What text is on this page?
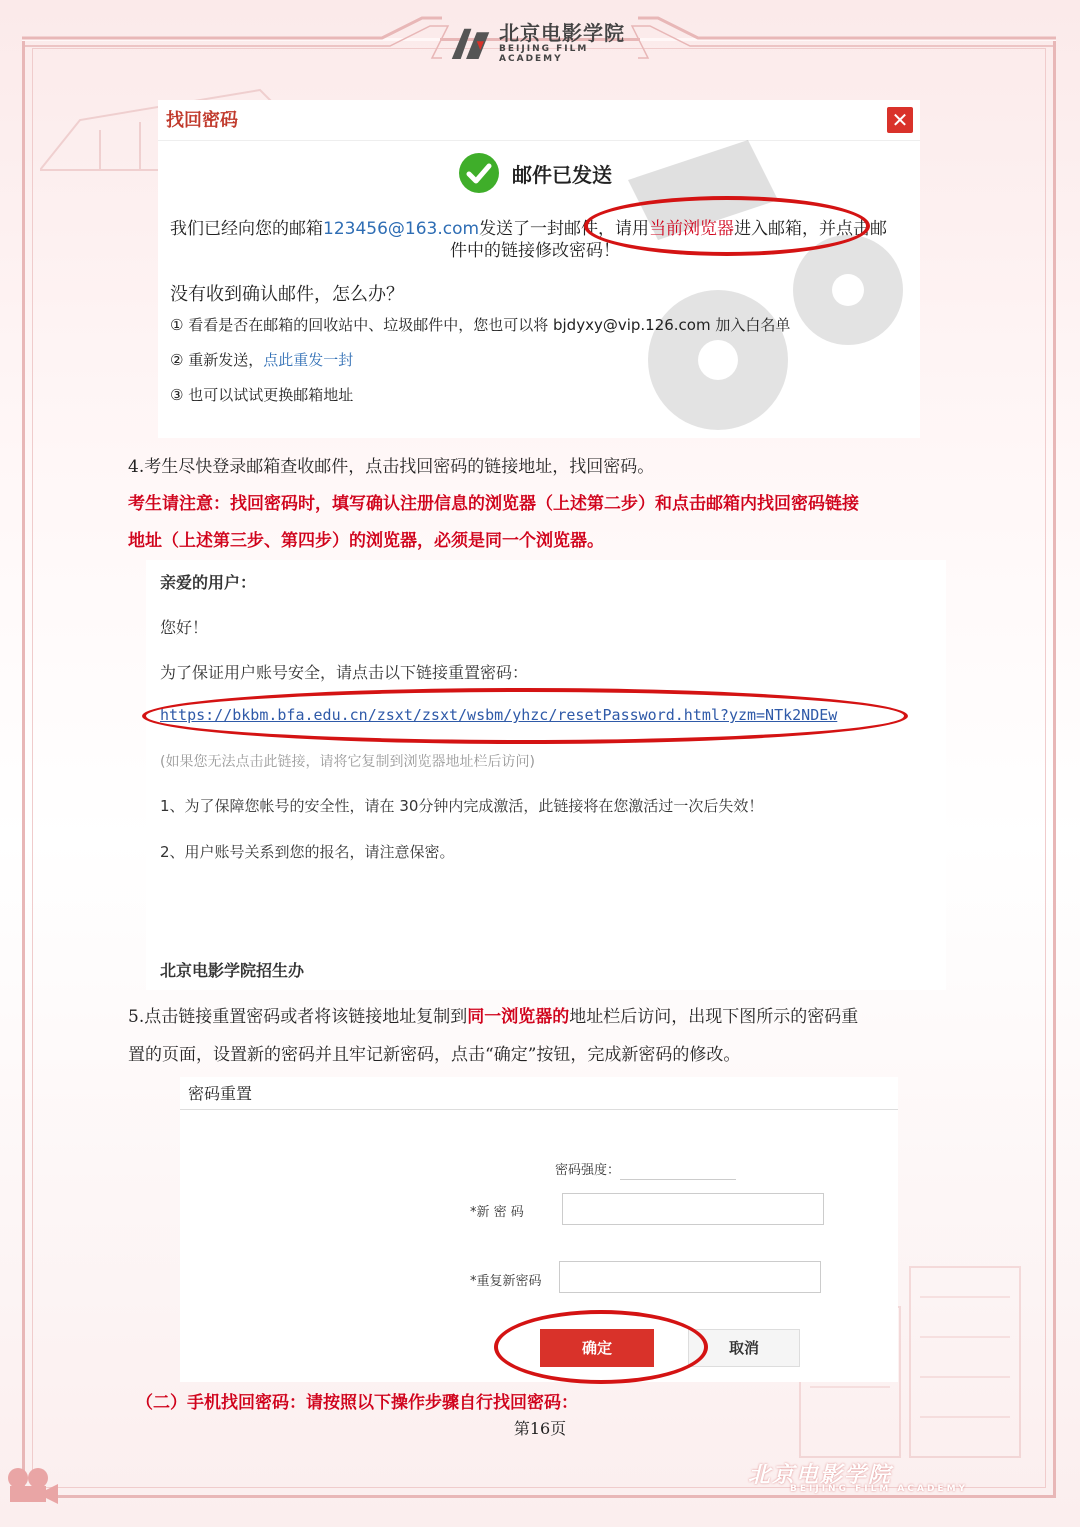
北京电影学院
BEIJING FILM ACADEMY
找回密码	✕
邮件已发送
我们已经向您的邮箱123456@163.com发送了一封邮件，请用当前浏览器进入邮箱，并点击邮
件中的链接修改密码！
没有收到确认邮件，怎么办？
① 看看是否在邮箱的回收站中、垃圾邮件中，您也可以将 bjdyxy@vip.126.com 加入白名单
② 重新发送，点此重发一封
③ 也可以试试更换邮箱地址
4.考生尽快登录邮箱查收邮件，点击找回密码的链接地址，找回密码。
考生请注意：找回密码时，填写确认注册信息的浏览器（上述第二步）和点击邮箱内找回密码链接
地址（上述第三步、第四步）的浏览器，必须是同一个浏览器。
亲爱的用户：
您好！
为了保证用户账号安全，请点击以下链接重置密码：
https://bkbm.bfa.edu.cn/zsxt/zsxt/wsbm/yhzc/resetPassword.html?yzm=NTk2NDEw
(如果您无法点击此链接，请将它复制到浏览器地址栏后访问)
1、为了保障您帐号的安全性，请在 30分钟内完成激活，此链接将在您激活过一次后失效！
2、用户账号关系到您的报名，请注意保密。
北京电影学院招生办
5.点击链接重置密码或者将该链接地址复制到同一浏览器的地址栏后访问，出现下图所示的密码重
置的页面，设置新的密码并且牢记新密码，点击“确定”按钮，完成新密码的修改。
密码重置
密码强度：
*新 密 码
*重复新密码
确定	取消
（二）手机找回密码：请按照以下操作步骤自行找回密码：
第16页
北京电影学院
BEIJING FILM ACADEMY
